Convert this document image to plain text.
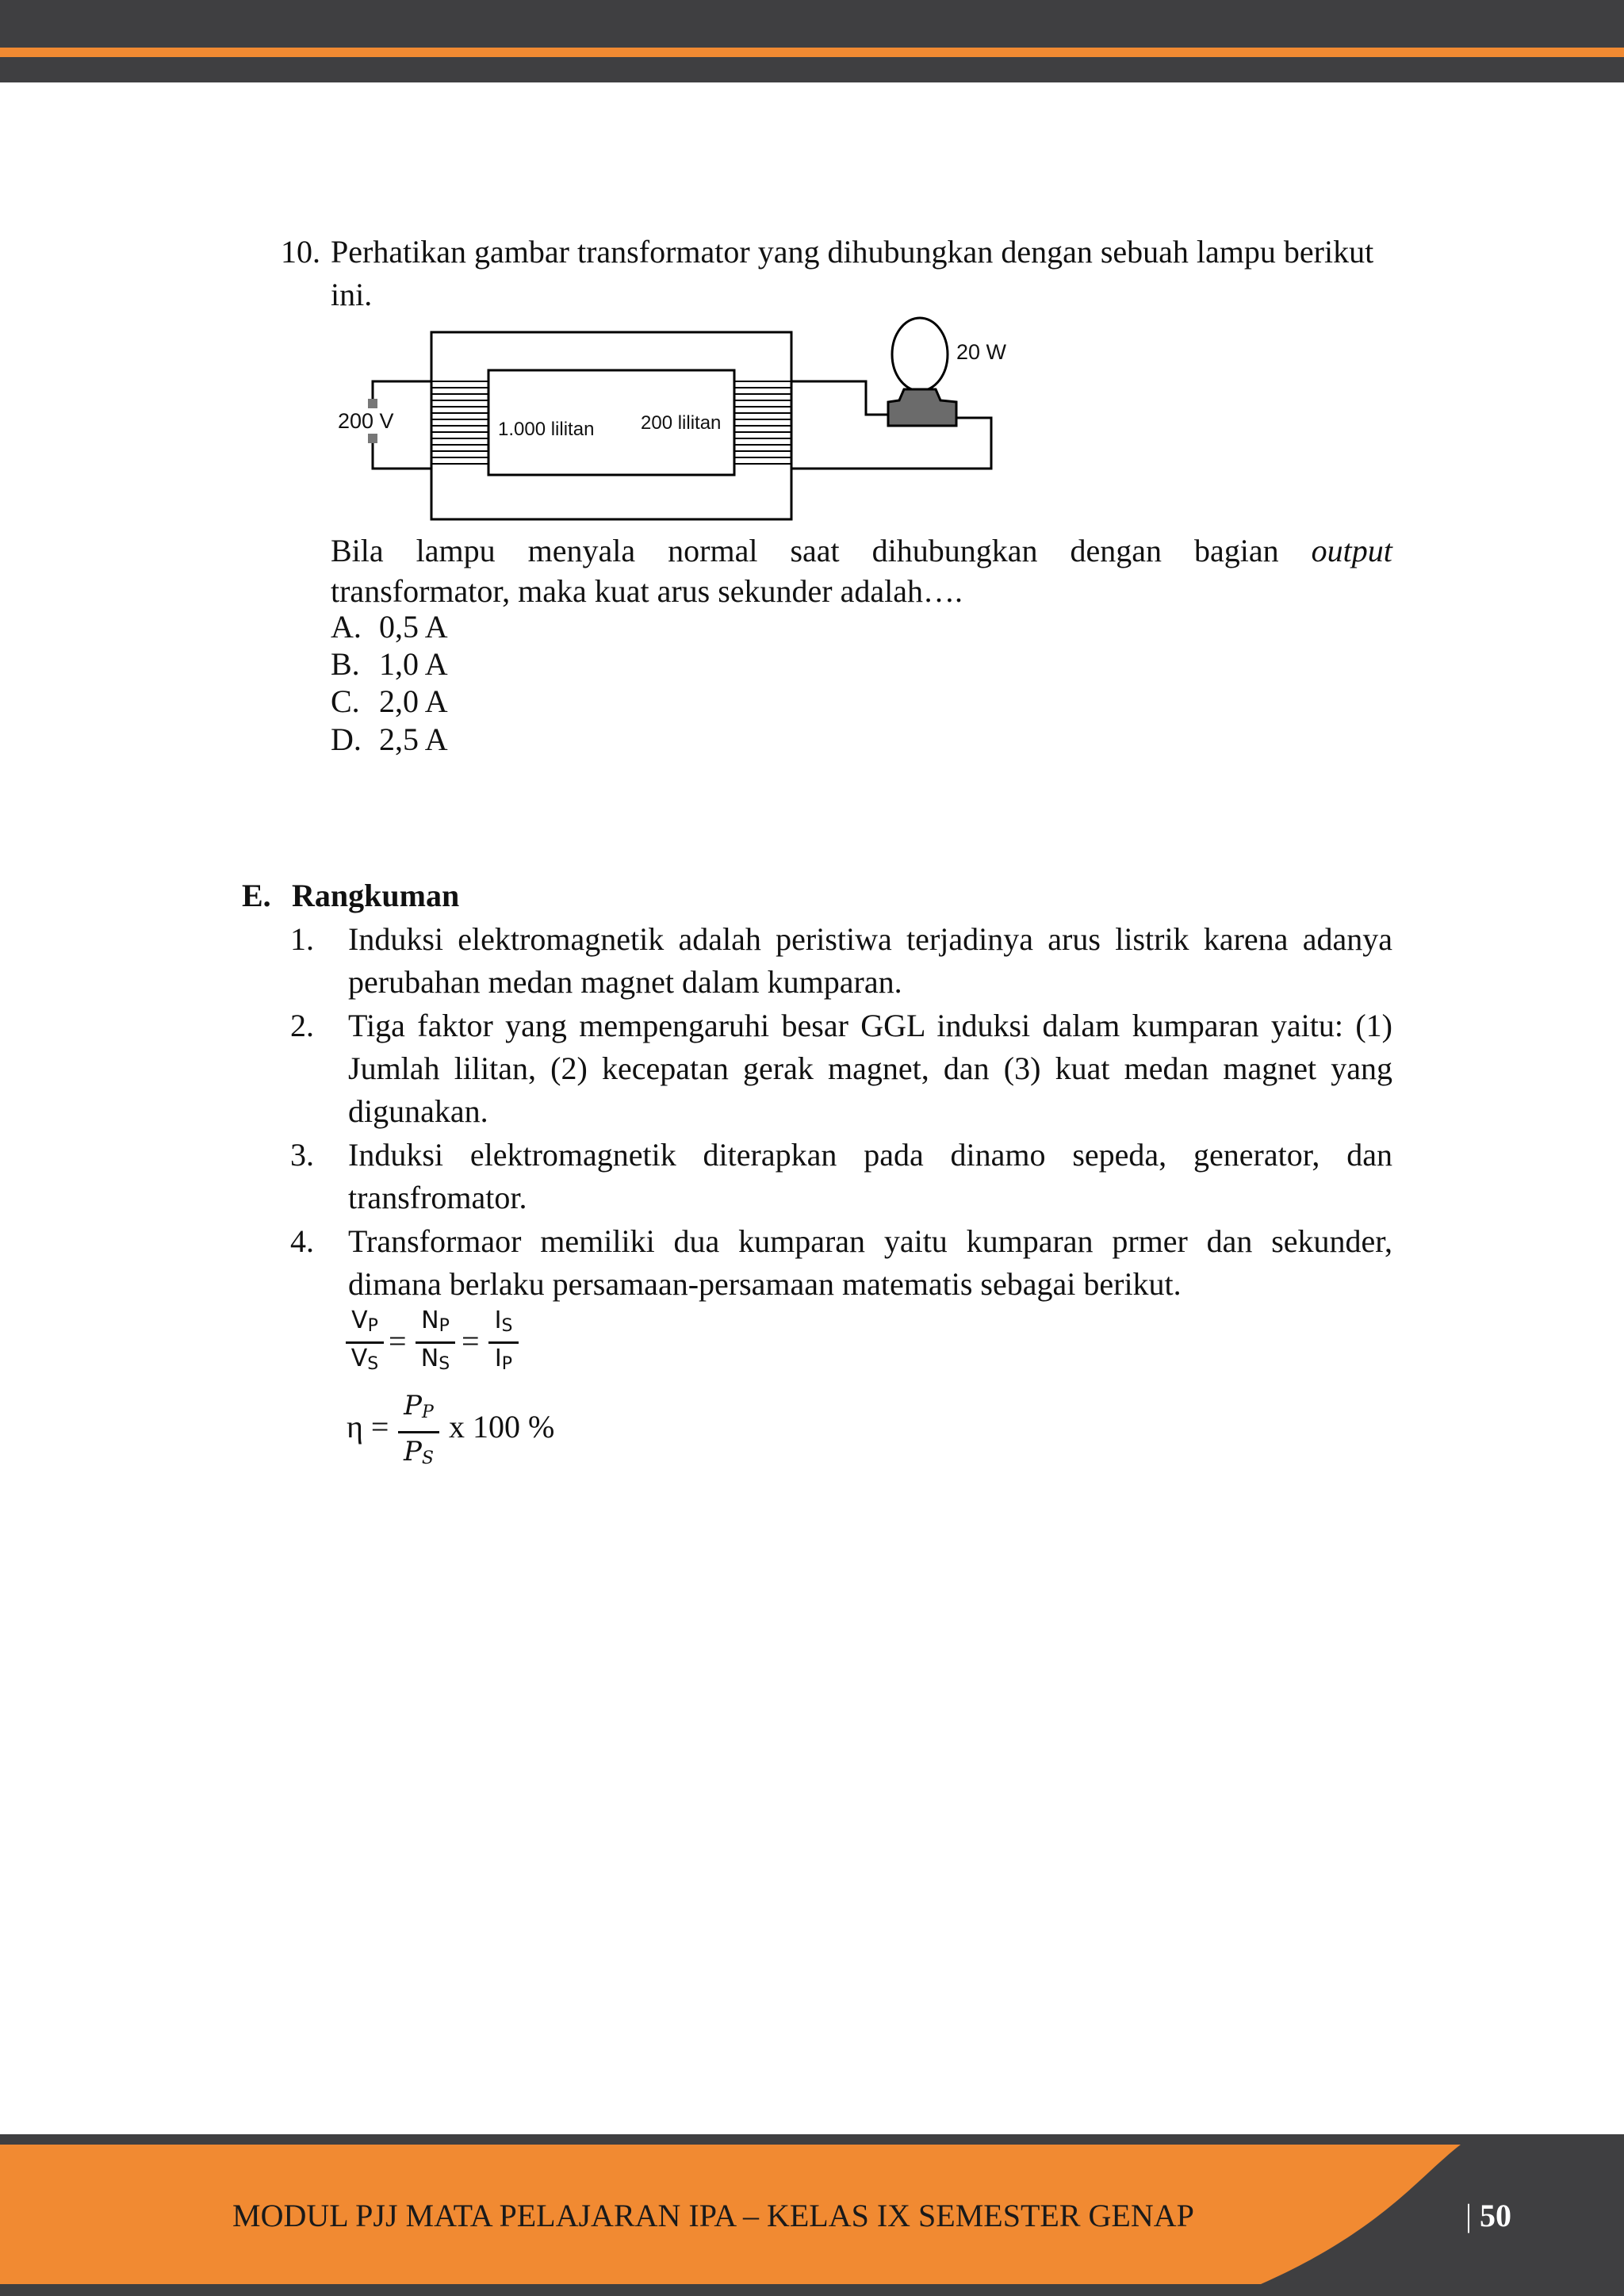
10. Perhatikan gambar transformator yang dihubungkan dengan sebuah lampu berikut
ini.
20 W
200 V	1.000 lilitan 200 lilitan
Bila lampu menyala normal saat dihubungkan dengan bagian output
transformator, maka kuat arus sekunder adalah….
A. 0,5 A
B. 1,0 A
C. 2,0 A
D. 2,5 A
E. Rangkuman
1. Induksi elektromagnetik adalah peristiwa terjadinya arus listrik karena adanya
perubahan medan magnet dalam kumparan.
2. Tiga faktor yang mempengaruhi besar GGL induksi dalam kumparan yaitu: (1)
Jumlah lilitan, (2) kecepatan gerak magnet, dan (3) kuat medan magnet yang
digunakan.
3. Induksi elektromagnetik diterapkan pada dinamo sepeda, generator, dan
transfromator.
4. Transformaor memiliki dua kumparan yaitu kumparan prmer dan sekunder,
dimana berlaku persamaan-persamaan matematis sebagai berikut.
$\frac{V_P}{V_S} = \frac{N_P}{N_S} = \frac{I_S}{I_P}$
$\eta = \frac{P_P}{P_S}$ x 100 %
MODUL PJJ MATA PELAJARAN IPA – KELAS IX SEMESTER GENAP	| 50
